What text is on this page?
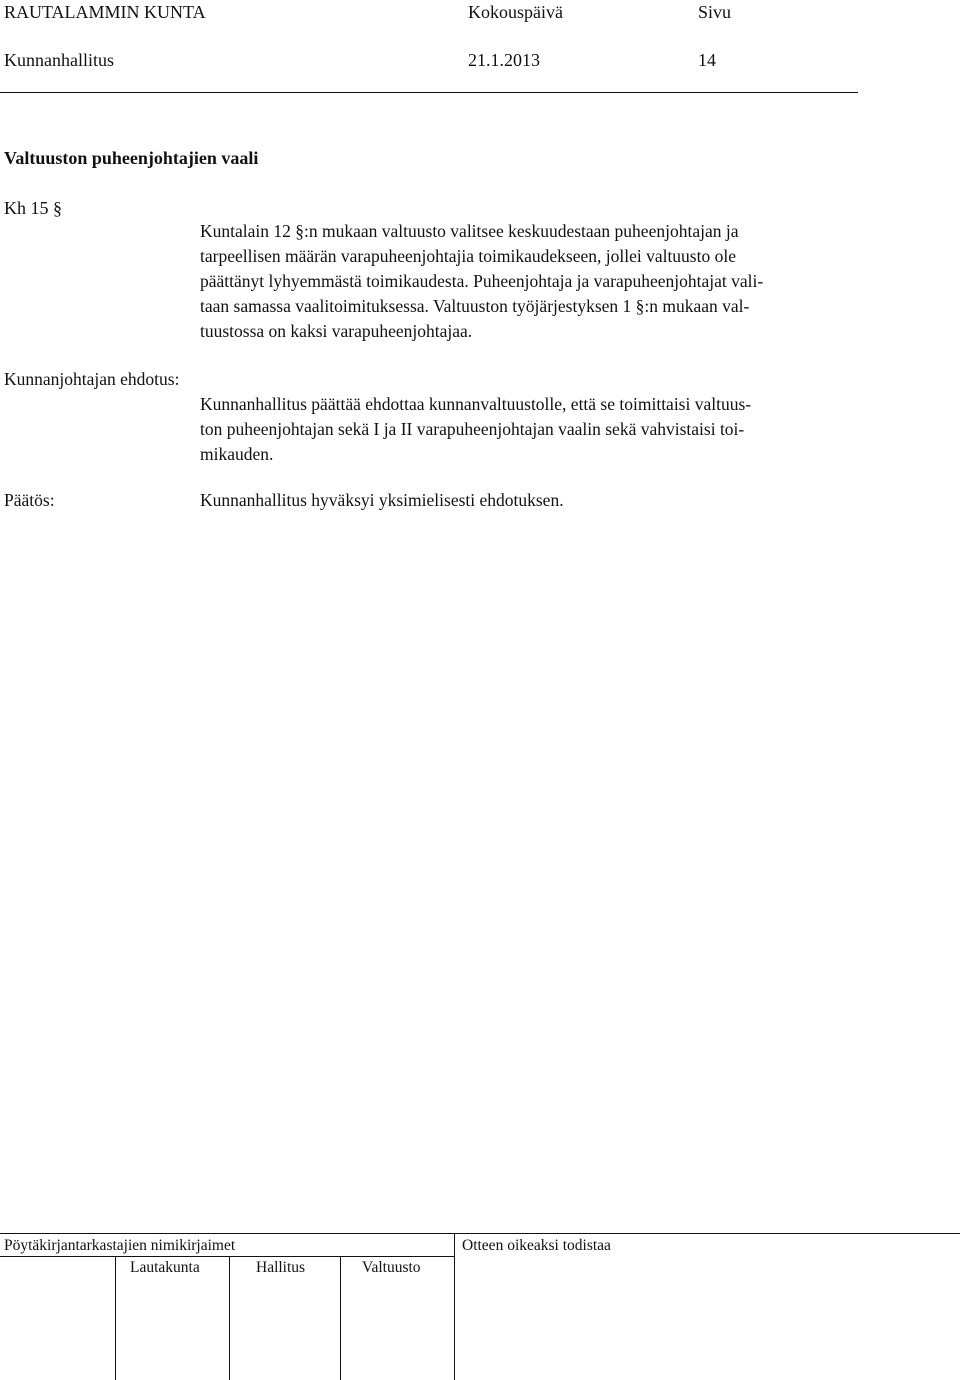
RAUTALAMMIN KUNTA	Kokouspäivä	Sivu
Kunnanhallitus	21.1.2013	14
Valtuuston puheenjohtajien vaali
Kh 15 §
Kuntalain 12 §:n mukaan valtuusto valitsee keskuudestaan puheenjohtajan ja
tarpeellisen määrän varapuheenjohtajia toimikaudekseen, jollei valtuusto ole
päättänyt lyhyemmästä toimikaudesta. Puheenjohtaja ja varapuheenjohtajat vali-
taan samassa vaalitoimituksessa. Valtuuston työjärjestyksen 1 §:n mukaan val-
tuustossa on kaksi varapuheenjohtajaa.
Kunnanjohtajan ehdotus:
Kunnanhallitus päättää ehdottaa kunnanvaltuustolle, että se toimittaisi valtuus-
ton puheenjohtajan sekä I ja II varapuheenjohtajan vaalin sekä vahvistaisi toi-
mikauden.
Päätös:	Kunnanhallitus hyväksyi yksimielisesti ehdotuksen.
Pöytäkirjantarkastajien nimikirjaimet	Otteen oikeaksi todistaa
Lautakunta	Hallitus	Valtuusto
